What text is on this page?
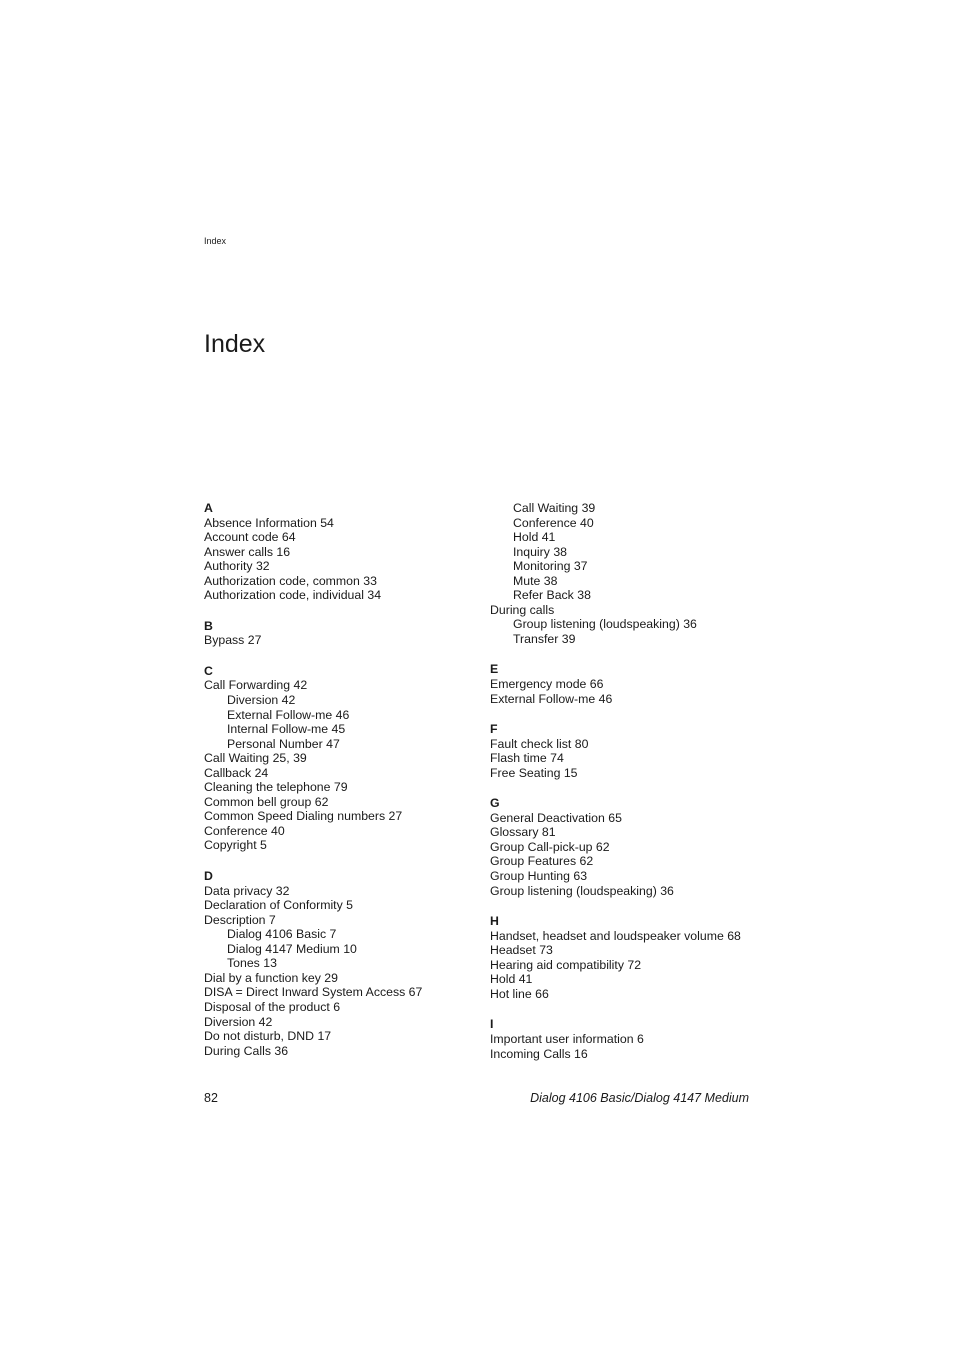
Index
Index
A
Absence Information 54
Account code 64
Answer calls 16
Authority 32
Authorization code, common 33
Authorization code, individual 34
B
Bypass 27
C
Call Forwarding 42
Diversion 42
External Follow-me 46
Internal Follow-me 45
Personal Number 47
Call Waiting 25, 39
Callback 24
Cleaning the telephone 79
Common bell group 62
Common Speed Dialing numbers 27
Conference 40
Copyright 5
D
Data privacy 32
Declaration of Conformity 5
Description 7
Dialog 4106 Basic 7
Dialog 4147 Medium 10
Tones 13
Dial by a function key 29
DISA = Direct Inward System Access 67
Disposal of the product 6
Diversion 42
Do not disturb, DND 17
During Calls 36
Call Waiting 39
Conference 40
Hold 41
Inquiry 38
Monitoring 37
Mute 38
Refer Back 38
During calls
Group listening (loudspeaking) 36
Transfer 39
E
Emergency mode 66
External Follow-me 46
F
Fault check list 80
Flash time 74
Free Seating 15
G
General Deactivation 65
Glossary 81
Group Call-pick-up 62
Group Features 62
Group Hunting 63
Group listening (loudspeaking) 36
H
Handset, headset and loudspeaker volume 68
Headset 73
Hearing aid compatibility 72
Hold 41
Hot line 66
I
Important user information 6
Incoming Calls 16
82	Dialog 4106 Basic/Dialog 4147 Medium
